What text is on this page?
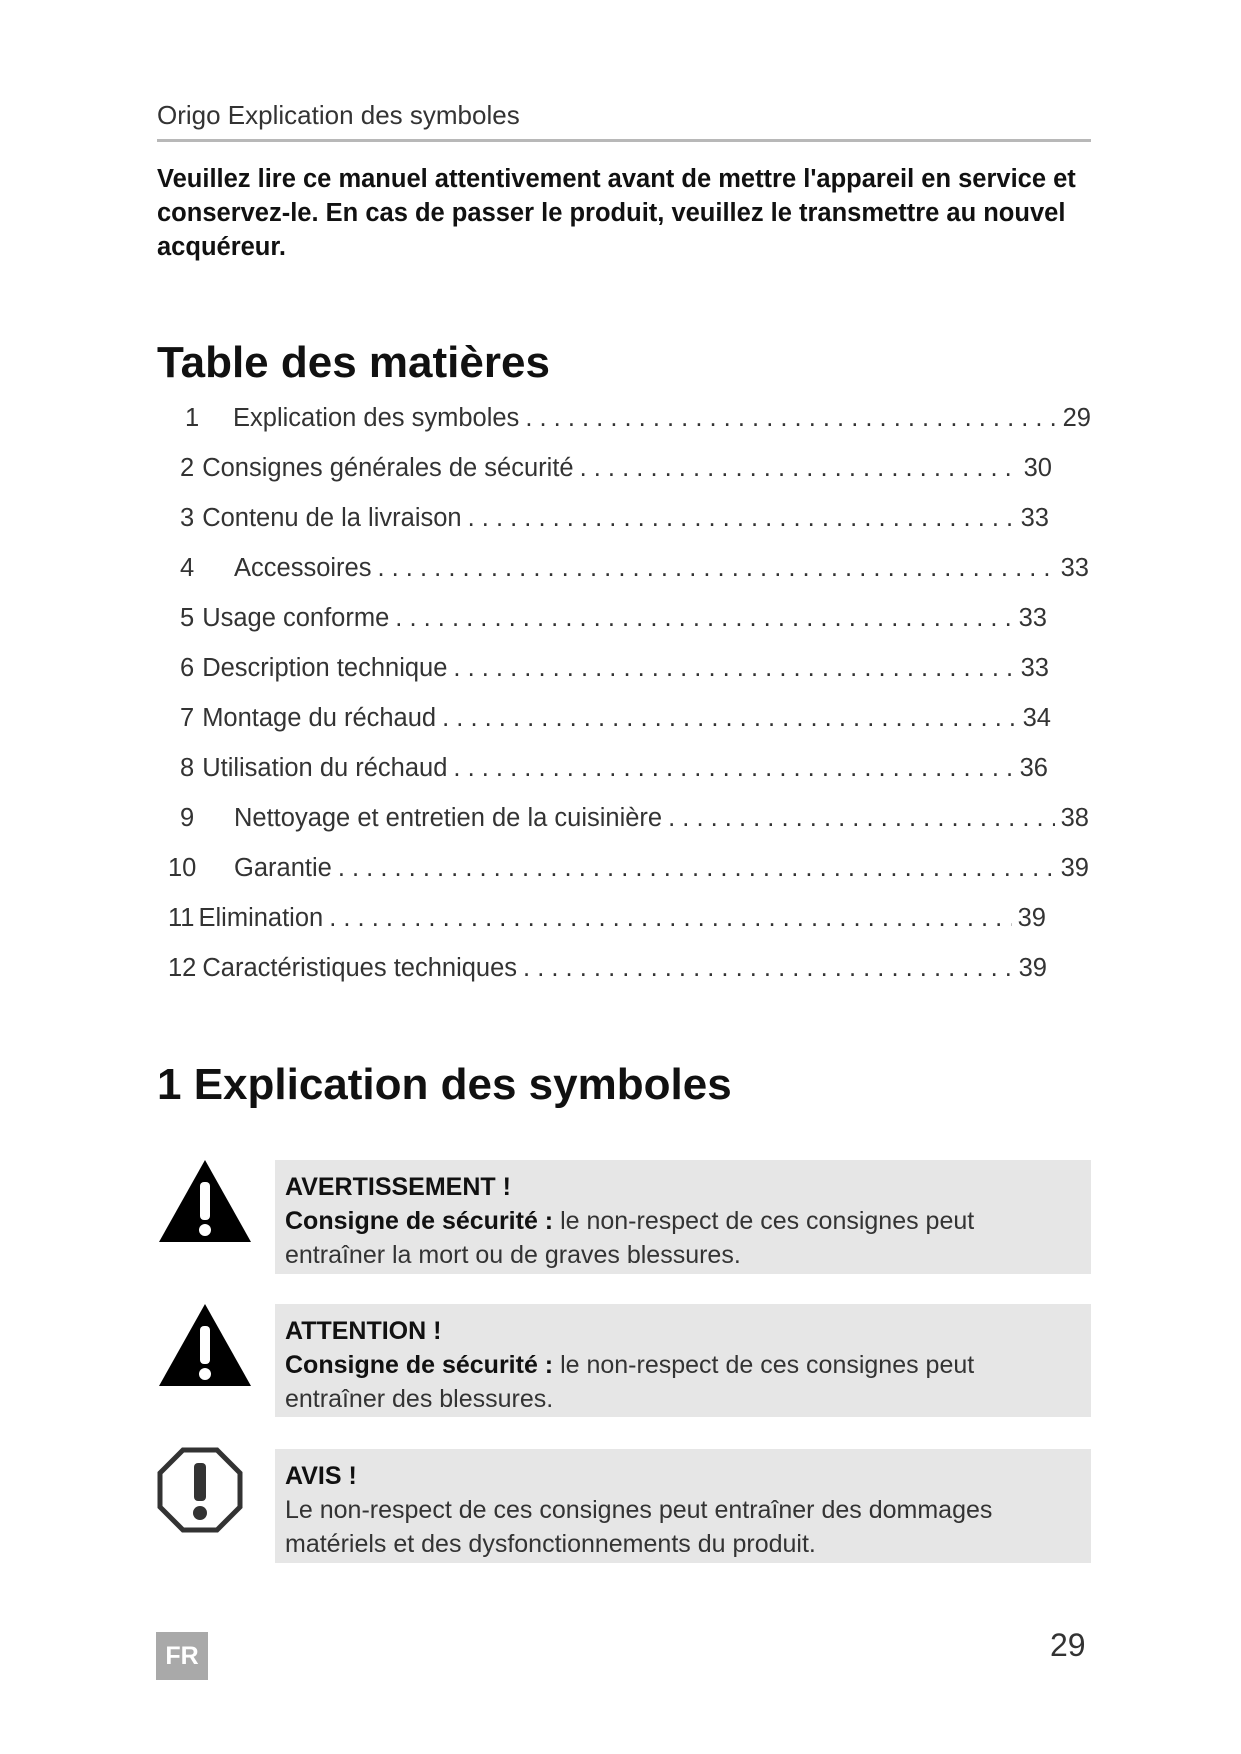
Origo Explication des symboles
Veuillez lire ce manuel attentivement avant de mettre l'appareil en service et conservez-le. En cas de passer le produit, veuillez le transmettre au nouvel acquéreur.
Table des matières
1	Explication des symboles . . .	29
2 Consignes générales de sécurité . . .	30
3 Contenu de la livraison . . .	33
4	Accessoires . . .	33
5 Usage conforme . . .	33
6 Description technique . . .	33
7 Montage du réchaud . . .	34
8 Utilisation du réchaud . . .	36
9	Nettoyage et entretien de la cuisinière . . .	38
10	Garantie . . .	39
11 Elimination . . .	39
12 Caractéristiques techniques . . .	39
1 Explication des symboles
AVERTISSEMENT !
Consigne de sécurité : le non-respect de ces consignes peut entraîner la mort ou de graves blessures.
ATTENTION !
Consigne de sécurité : le non-respect de ces consignes peut entraîner des blessures.
AVIS !
Le non-respect de ces consignes peut entraîner des dommages matériels et des dysfonctionnements du produit.
FR	29
